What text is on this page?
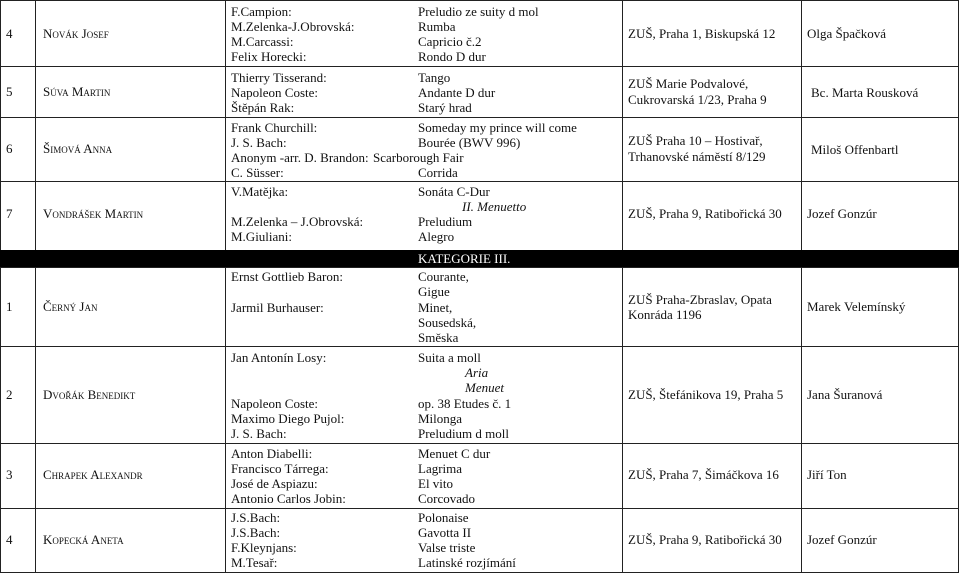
KATEGORIE III.
4 Novák Josef
F.Campion:
M.Zelenka-J.Obrovská:
M.Carcassi:
Felix Horecki:
Preludio ze suity d mol
Rumba
Capricio č.2
Rondo D dur
ZUŠ, Praha 1, Biskupská 12 Olga Špačková
5 Súva Martin
Thierry Tisserand:
Napoleon Coste:
Štěpán Rak:
Tango
Andante D dur
Starý hrad
ZUŠ Marie Podvalové,
Cukrovarská 1/23, Praha 9	Bc. Marta Rousková
6 Šimová Anna
Frank Churchill:
J. S. Bach:
Anonym -arr. D. Brandon:
C. Süsser:
Someday my prince will come
Bourée (BWV 996)
Scarborough Fair
Corrida
ZUŠ Praha 10 – Hostivař,
Trhanovské náměstí 8/129	Miloš Offenbartl
7 Vondrášek Martin
V.Matějka:
M.Zelenka – J.Obrovská:
M.Giuliani:
Sonáta C-Dur
II. Menuetto
Preludium
Alegro
ZUŠ, Praha 9, Ratibořická 30 Jozef Gonzúr
1 Černý Jan
Ernst Gottlieb Baron:
Jarmil Burhauser:
Courante,
Gigue
Minet,
Sousedská,
Směska
ZUŠ Praha-Zbraslav, Opata
Konráda 1196
Marek Velemínský
2 Dvořák Benedikt
Jan Antonín Losy:
Napoleon Coste:
Maximo Diego Pujol:
J. S. Bach:
Suita a moll
Aria
Menuet
op. 38 Etudes č. 1
Milonga
Preludium d moll
ZUŠ, Štefánikova 19, Praha 5 Jana Šuranová
3 Chrapek Alexandr
Anton Diabelli:
Francisco Tárrega:
José de Aspiazu:
Antonio Carlos Jobin:
Menuet C dur
Lagrima
El vito
Corcovado
ZUŠ, Praha 7, Šimáčkova 16 Jiří Ton
4 Kopecká Aneta
J.S.Bach:
J.S.Bach:
F.Kleynjans:
M.Tesař:
Polonaise
Gavotta II
Valse triste
Latinské rozjímání
ZUŠ, Praha 9, Ratibořická 30 Jozef Gonzúr
